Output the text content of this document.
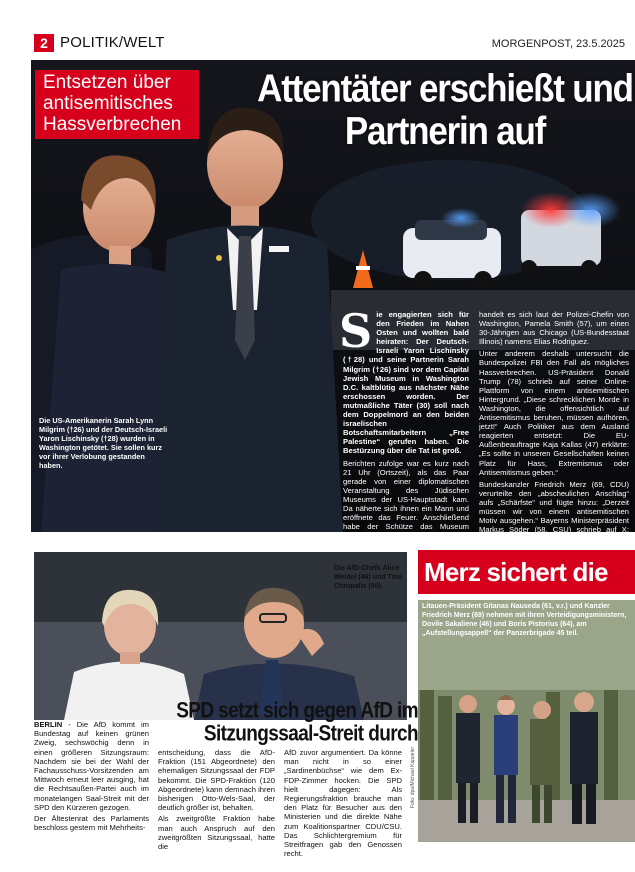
2 POLITIK/WELT	MORGENPOST, 23.5.2025
Entsetzen über antisemitisches Hassverbrechen
Attentäter erschießt und Partnerin auf
Die US-Amerikanerin Sarah Lynn Milgrim (†26) und der Deutsch-Israeli Yaron Lischinsky (†28) wurden in Washington getötet. Sie sollen kurz vor ihrer Verlobung gestanden haben.

Sie engagierten sich für den Frieden im Nahen Osten und wollten bald heiraten: Der Deutsch-Israeli Yaron Lischinsky (†28) und seine Partnerin Sarah Milgrim (†26) sind vor dem Capital Jewish Museum in Washington D.C. kaltblütig aus nächster Nähe erschossen worden. Der mutmaßliche Täter (30) soll nach dem Doppelmord an den beiden israelischen Botschaftsmitarbeitern „Free Palestine“ gerufen haben. Die Bestürzung über die Tat ist groß.

Berichten zufolge war es kurz nach 21 Uhr (Ortszeit), als das Paar gerade von einer diplomatischen Veranstaltung des Jüdischen Museums der US-Hauptstadt kam. Da näherte sich ihnen ein Mann und eröffnete das Feuer. Anschließend habe der Schütze das Museum betreten, wo er von privaten Sicherheitskräften festgenommen

handelt es sich laut der Polizei-Chefin von Washington, Pamela Smith (57), um einen 30-Jährigen aus Chicago (US-Bundesstaat Illinois) namens Elias Rodriguez.

Unter anderem deshalb untersucht die Bundespolizei FBI den Fall als mögliches Hassverbrechen. US-Präsident Donald Trump (78) schrieb auf seiner Online-Plattform von einem antisemitischen Hintergrund. „Diese schrecklichen Morde in Washington, die offensichtlich auf Antisemitismus beruhen, müssen aufhören, jetzt!“ Auch Politiker aus dem Ausland reagierten entsetzt: Die EU-Außenbeauftragte Kaja Kallas (47) erklärte: „Es sollte in unseren Gesellschaften keinen Platz für Hass, Extremismus oder Antisemitismus geben.“

Bundeskanzler Friedrich Merz (69, CDU) verurteilte den „abscheulichen Anschlag“ aufs „Schärfste“ und fügte hinzu: „Derzeit müssen wir von einem antisemitischen Motiv ausgehen.“ Bayerns Ministerpräsident Markus Söder (58, CSU) schrieb auf X: „Bayern trauert mit der Familie.“

Die AfD-Chefs Alice Weidel (46) und Tino Chrupalla (50).
SPD setzt sich gegen AfD im Sitzungssaal-Streit durch

BERLIN - Die AfD kommt im Bundestag auf keinen grünen Zweig, sechswöchig denn in einen größeren Sitzungsraum: Nachdem sie bei der Wahl der Fachausschuss-Vorsitzenden am Mittwoch erneut leer ausging, hat die Rechtsaußen-Partei auch im monatelangen Saal-Streit mit der SPD den Kürzeren gezogen.

Der Ältestenrat des Parlaments beschloss gestern mit Mehrheits-

entscheidung, dass die AfD-Fraktion (151 Abgeordnete) den ehemaligen Sitzungssaal der FDP bekommt. Die SPD-Fraktion (120 Abgeordnete) kann demnach ihren bisherigen Otto-Wels-Saal, der deutlich größer ist, behalten.

Als zweitgrößte Fraktion habe man auch Anspruch auf den zweitgrößten Sitzungssaal, hatte die

AfD zuvor argumentiert. Da könne man nicht in so einer „Sardinenbüchse“ wie dem Ex-FDP-Zimmer hocken. Die SPD hielt dagegen: Als Regierungsfraktion brauche man den Platz für Besucher aus den Ministerien und die direkte Nähe zum Koalitionspartner CDU/CSU. Das Schlichtergremium für Streitfragen gab den Genossen recht.

Foto: dpa/Michael Kappeler
Merz sichert die
Litauen-Präsident Gitanas Nauseda (61, v.r.) und Kanzler Friedrich Merz (69) nehmen mit ihren Verteidigungsministern, Dovile Sakaliene (46) und Boris Pistorius (64), am „Aufstellungsappell“ der Panzerbrigade 45 teil.
